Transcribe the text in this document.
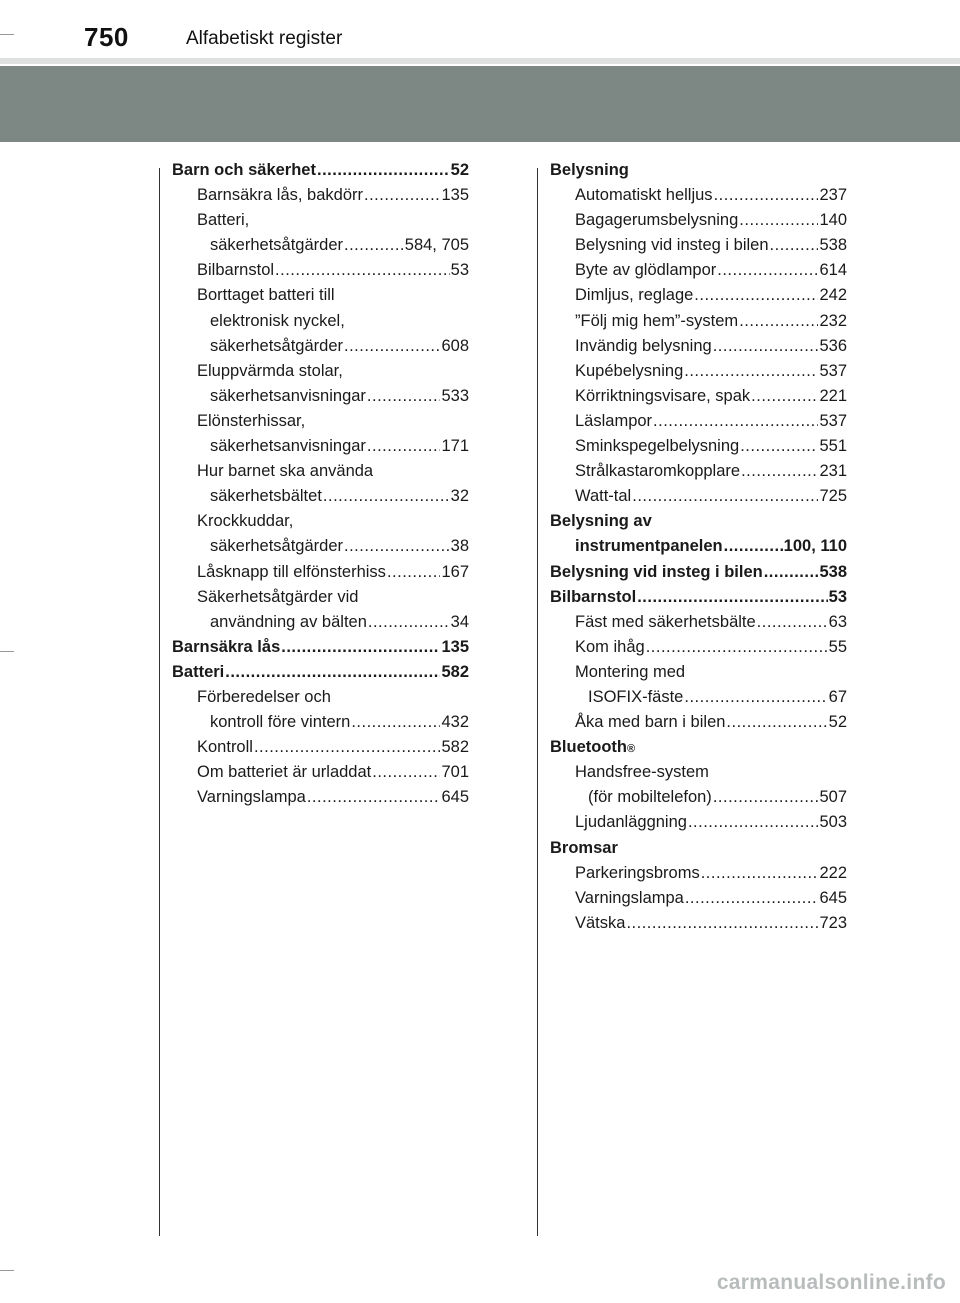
750	Alfabetiskt register
Barn och säkerhet .....	52
Barnsäkra lås, bakdörr .....	135
Batteri,
säkerhetsåtgärder .....	584, 705
Bilbarnstol .....	53
Borttaget batteri till
elektronisk nyckel,
säkerhetsåtgärder .....	608
Eluppvärmda stolar,
säkerhetsanvisningar .....	533
Elönsterhissar,
säkerhetsanvisningar .....	171
Hur barnet ska använda
säkerhetsbältet .....	32
Krockkuddar,
säkerhetsåtgärder .....	38
Låsknapp till elfönsterhiss .....	167
Säkerhetsåtgärder vid
användning av bälten .....	34
Barnsäkra lås .....	135
Batteri .....	582
Förberedelser och
kontroll före vintern .....	432
Kontroll .....	582
Om batteriet är urladdat .....	701
Varningslampa .....	645
Belysning
Automatiskt helljus .....	237
Bagagerumsbelysning .....	140
Belysning vid insteg i bilen .....	538
Byte av glödlampor .....	614
Dimljus, reglage .....	242
”Följ mig hem”-system .....	232
Invändig belysning .....	536
Kupébelysning .....	537
Körriktningsvisare, spak .....	221
Läslampor .....	537
Sminkspegelbelysning .....	551
Strålkastaromkopplare .....	231
Watt-tal .....	725
Belysning av
instrumentpanelen .....	100, 110
Belysning vid insteg i bilen .....	538
Bilbarnstol .....	53
Fäst med säkerhetsbälte .....	63
Kom ihåg .....	55
Montering med
ISOFIX-fäste .....	67
Åka med barn i bilen .....	52
Bluetooth ®
Handsfree-system
(för mobiltelefon) .....	507
Ljudanläggning .....	503
Bromsar
Parkeringsbroms .....	222
Varningslampa .....	645
Vätska .....	723
carmanualsonline.info
